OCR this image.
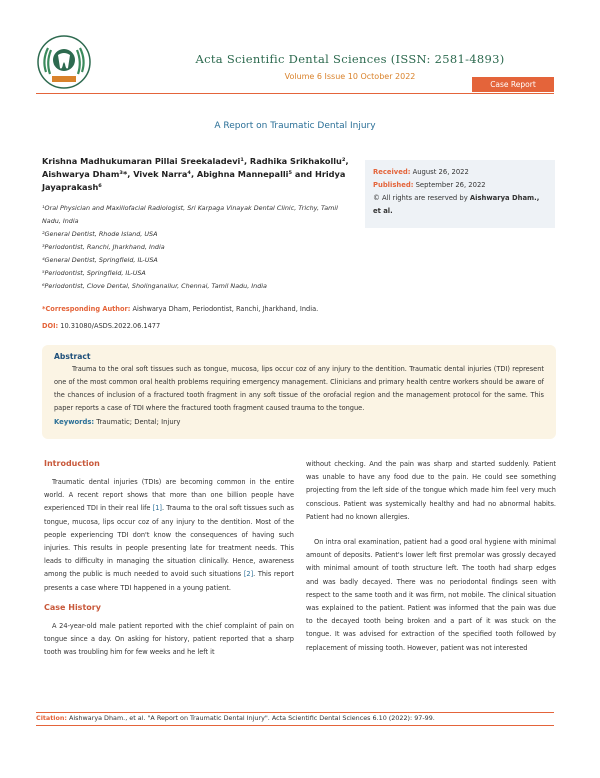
Acta Scientific Dental Sciences (ISSN: 2581-4893)
Volume 6 Issue 10 October 2022
Case Report
A Report on Traumatic Dental Injury
Krishna Madhukumaran Pillai Sreekaladevi¹, Radhika Srikhakollu², Aishwarya Dham³*, Vivek Narra⁴, Abighna Mannepalli⁵ and Hridya Jayaprakash⁶
¹Oral Physician and Maxillofacial Radiologist, Sri Karpaga Vinayak Dental Clinic, Trichy, Tamil Nadu, India
²General Dentist, Rhode Island, USA
³Periodontist, Ranchi, Jharkhand, India
⁴General Dentist, Springfield, IL-USA
⁵Periodontist, Springfield, IL-USA
⁶Periodontist, Clove Dental, Sholinganallur, Chennai, Tamil Nadu, India
*Corresponding Author: Aishwarya Dham, Periodontist, Ranchi, Jharkhand, India.
DOI: 10.31080/ASDS.2022.06.1477
Received: August 26, 2022
Published: September 26, 2022
© All rights are reserved by Aishwarya Dham., et al.
Abstract
Trauma to the oral soft tissues such as tongue, mucosa, lips occur coz of any injury to the dentition. Traumatic dental injuries (TDI) represent one of the most common oral health problems requiring emergency management. Clinicians and primary health centre workers should be aware of the chances of inclusion of a fractured tooth fragment in any soft tissue of the orofacial region and the management protocol for the same. This paper reports a case of TDI where the fractured tooth fragment caused trauma to the tongue.
Keywords: Traumatic; Dental; Injury
Introduction

Traumatic dental injuries (TDIs) are becoming common in the entire world. A recent report shows that more than one billion people have experienced TDI in their real life [1]. Trauma to the oral soft tissues such as tongue, mucosa, lips occur coz of any injury to the dentition. Most of the people experiencing TDI don't know the consequences of having such injuries. This results in people presenting late for treatment needs. This leads to difficulty in managing the situation clinically. Hence, awareness among the public is much needed to avoid such situations [2]. This report presents a case where TDI happened in a young patient.

Case History

A 24-year-old male patient reported with the chief complaint of pain on tongue since a day. On asking for history, patient reported that a sharp tooth was troubling him for few weeks and he left it

without checking. And the pain was sharp and started suddenly. Patient was unable to have any food due to the pain. He could see something projecting from the left side of the tongue which made him feel very much conscious. Patient was systemically healthy and had no abnormal habits. Patient had no known allergies.

On intra oral examination, patient had a good oral hygiene with minimal amount of deposits. Patient's lower left first premolar was grossly decayed with minimal amount of tooth structure left. The tooth had sharp edges and was badly decayed. There was no periodontal findings seen with respect to the same tooth and it was firm, not mobile. The clinical situation was explained to the patient. Patient was informed that the pain was due to the decayed tooth being broken and a part of it was stuck on the tongue. It was advised for extraction of the specified tooth followed by replacement of missing tooth. However, patient was not interested

Citation: Aishwarya Dham., et al. "A Report on Traumatic Dental Injury". Acta Scientific Dental Sciences 6.10 (2022): 97-99.
